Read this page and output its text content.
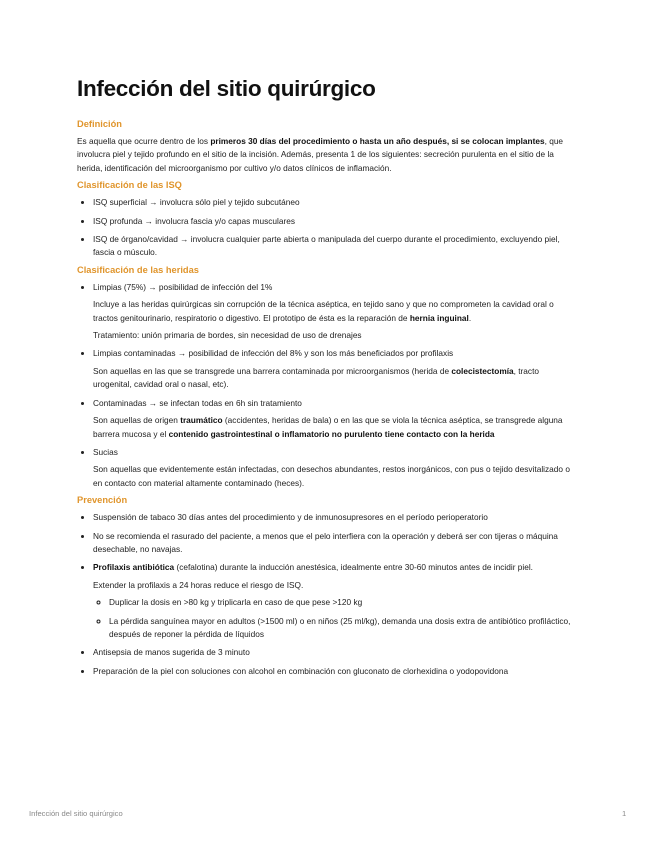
Infección del sitio quirúrgico
Definición

Es aquella que ocurre dentro de los primeros 30 días del procedimiento o hasta un año después, si se colocan implantes, que involucra piel y tejido profundo en el sitio de la incisión. Además, presenta 1 de los siguientes: secreción purulenta en el sitio de la herida, identificación del microorganismo por cultivo y/o datos clínicos de inflamación.

Clasificación de las ISQ
• ISQ superficial → involucra sólo piel y tejido subcutáneo
• ISQ profunda → involucra fascia y/o capas musculares
• ISQ de órgano/cavidad → involucra cualquier parte abierta o manipulada del cuerpo durante el procedimiento, excluyendo piel, fascia o músculo.
Clasificación de las heridas
• Limpias (75%) → posibilidad de infección del 1%

Incluye a las heridas quirúrgicas sin corrupción de la técnica aséptica, en tejido sano y que no comprometen la cavidad oral o tractos genitourinario, respiratorio o digestivo. El prototipo de ésta es la reparación de hernia inguinal.

Tratamiento: unión primaria de bordes, sin necesidad de uso de drenajes

• Limpias contaminadas → posibilidad de infección del 8% y son los más beneficiados por profilaxis

Son aquellas en las que se transgrede una barrera contaminada por microorganismos (herida de colecistectomía, tracto urogenital, cavidad oral o nasal, etc).

• Contaminadas → se infectan todas en 6h sin tratamiento

Son aquellas de origen traumático (accidentes, heridas de bala) o en las que se viola la técnica aséptica, se transgrede alguna barrera mucosa y el contenido gastrointestinal o inflamatorio no purulento tiene contacto con la herida

• Sucias

Son aquellas que evidentemente están infectadas, con desechos abundantes, restos inorgánicos, con pus o tejido desvitalizado o en contacto con material altamente contaminado (heces).

Prevención
• Suspensión de tabaco 30 días antes del procedimiento y de inmunosupresores en el período perioperatorio
• No se recomienda el rasurado del paciente, a menos que el pelo interfiera con la operación y deberá ser con tijeras o máquina desechable, no navajas.
• Profilaxis antibiótica (cefalotina) durante la inducción anestésica, idealmente entre 30-60 minutos antes de incidir piel.

Extender la profilaxis a 24 horas reduce el riesgo de ISQ.

◦ Duplicar la dosis en >80 kg y triplicarla en caso de que pese >120 kg
◦ La pérdida sanguínea mayor en adultos (>1500 ml) o en niños (25 ml/kg), demanda una dosis extra de antibiótico profiláctico, después de reponer la pérdida de líquidos
• Antisepsia de manos sugerida de 3 minuto
• Preparación de la piel con soluciones con alcohol en combinación con gluconato de clorhexidina o yodopovidona
Infección del sitio quirúrgico	1
